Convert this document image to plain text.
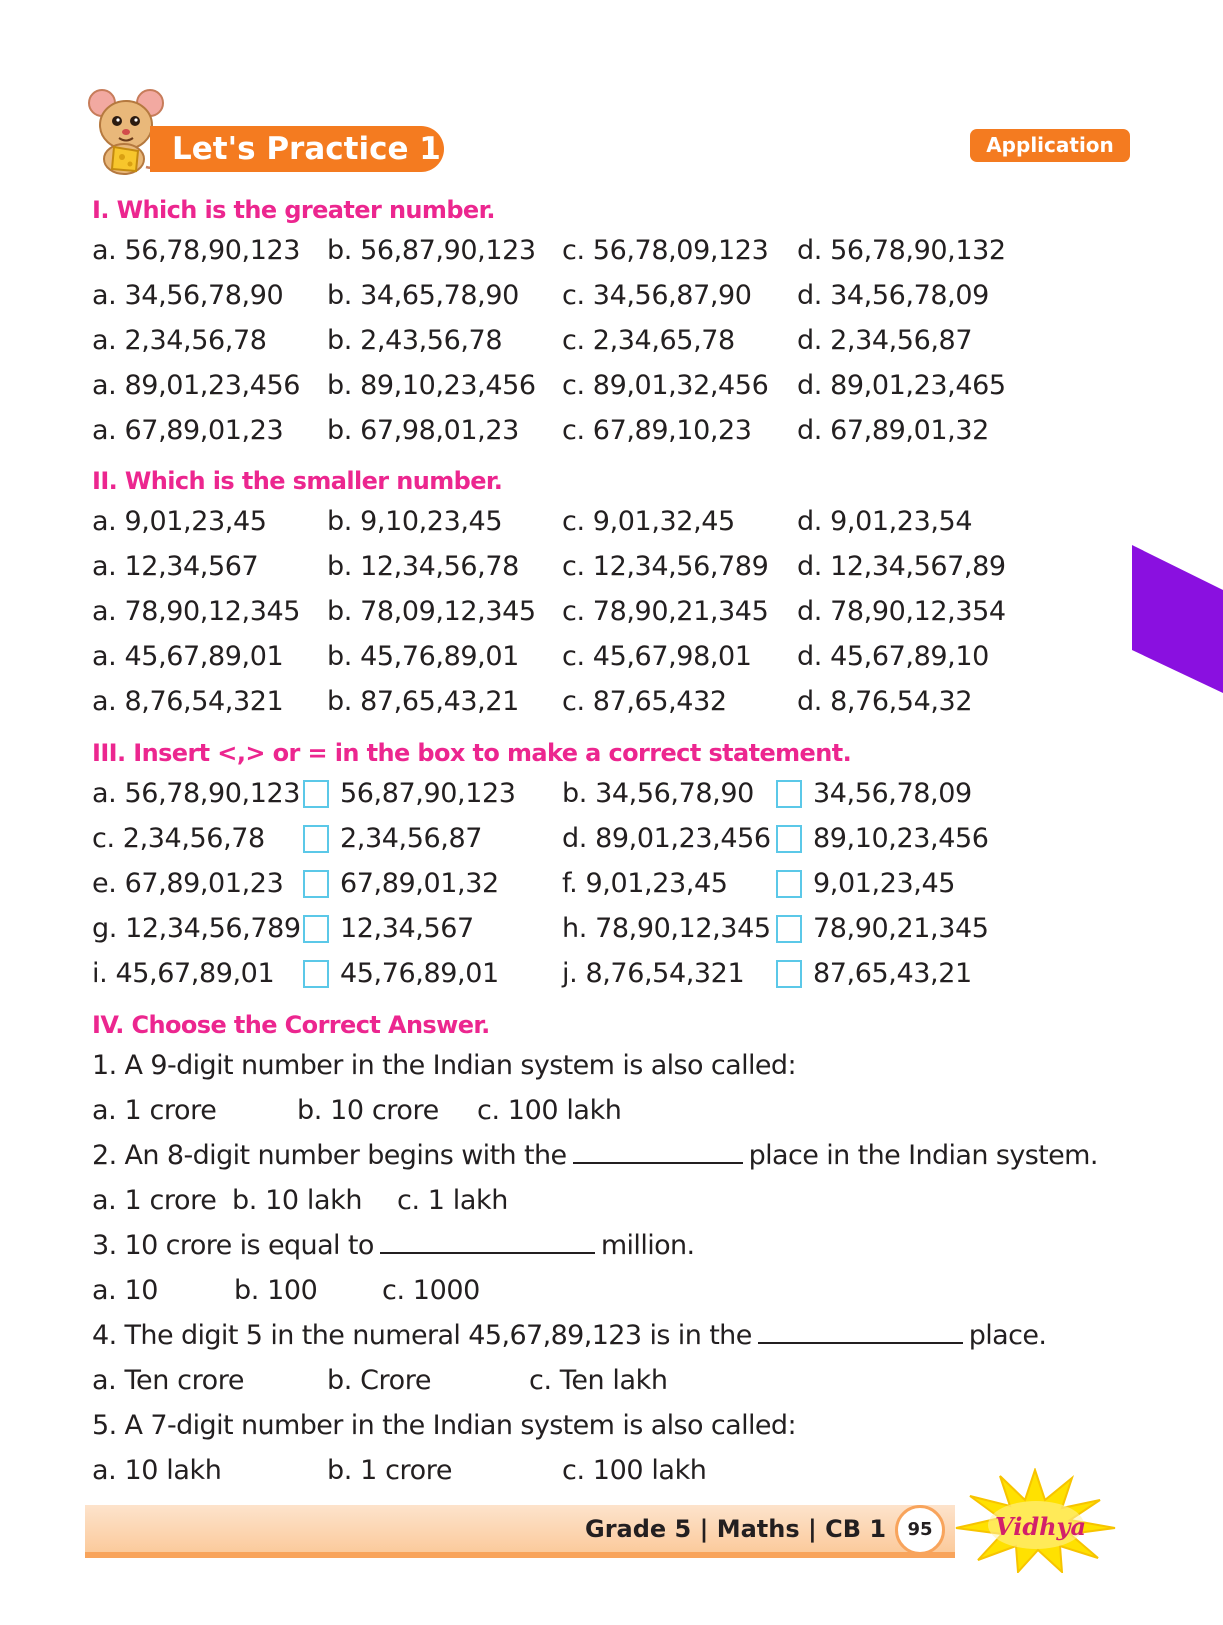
Let's Practice 1.1	Application
I. Which is the greater number.
a. 56,78,90,123 b. 56,87,90,123 c. 56,78,09,123 d. 56,78,90,132
a. 34,56,78,90 b. 34,65,78,90 c. 34,56,87,90 d. 34,56,78,09
a. 2,34,56,78 b. 2,43,56,78 c. 2,34,65,78 d. 2,34,56,87
a. 89,01,23,456 b. 89,10,23,456 c. 89,01,32,456 d. 89,01,23,465
a. 67,89,01,23 b. 67,98,01,23 c. 67,89,10,23 d. 67,89,01,32
II. Which is the smaller number.
a. 9,01,23,45 b. 9,10,23,45 c. 9,01,32,45 d. 9,01,23,54
a. 12,34,567	b. 12,34,56,78 c. 12,34,56,789 d. 12,34,567,89
a. 78,90,12,345 b. 78,09,12,345 c. 78,90,21,345 d. 78,90,12,354
a. 45,67,89,01 b. 45,76,89,01 c. 45,67,98,01 d. 45,67,89,10
a. 8,76,54,321 b. 87,65,43,21 c. 87,65,432	d. 8,76,54,32
III. Insert <,> or = in the box to make a correct statement.
a. 56,78,90,123 56,87,90,123 b. 34,56,78,90 34,56,78,09
c. 2,34,56,78	2,34,56,87	d. 89,01,23,456 89,10,23,456
e. 67,89,01,23 67,89,01,32 f. 9,01,23,45	9,01,23,45
g. 12,34,56,789 12,34,567	h. 78,90,12,345 78,90,21,345
i. 45,67,89,01 45,76,89,01 j. 8,76,54,321	87,65,43,21
IV. Choose the Correct Answer.
1. A 9-digit number in the Indian system is also called:
a. 1 crore	b. 10 crore c. 100 lakh
2. An 8-digit number begins with the	place in the Indian system.
a. 1 crore b. 10 lakh c. 1 lakh
3. 10 crore is equal to	million.
a. 10	b. 100 c. 1000
4. The digit 5 in the numeral 45,67,89,123 is in the	place.
a. Ten crore	b. Crore	c. Ten lakh
5. A 7-digit number in the Indian system is also called:
a. 10 lakh	b. 1 crore	c. 100 lakh
Grade 5 | Maths | CB 1	95	Vidhya
